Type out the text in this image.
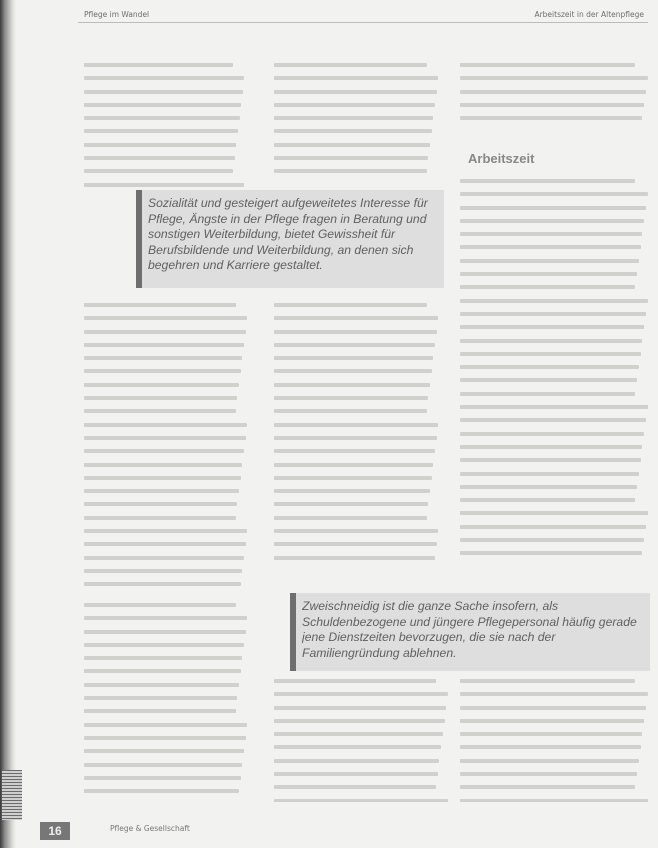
Pflege im Wandel	Arbeitszeit in der Altenpflege
Arbeitszeit
Sozialität und gesteigert aufgeweitetes Interesse für Pflege, Ängste in der Pflege fragen in Beratung und sonstigen Weiterbildung, bietet Gewissheit für Berufsbildende und Weiterbildung, an denen sich begehren und Karriere gestaltet.
Zweischneidig ist die ganze Sache insofern, als Schuldenbezogene und jüngere Pflegepersonal häufig gerade jene Dienstzeiten bevorzugen, die sie nach der Familiengründung ablehnen.
16	Pflege & Gesellschaft
